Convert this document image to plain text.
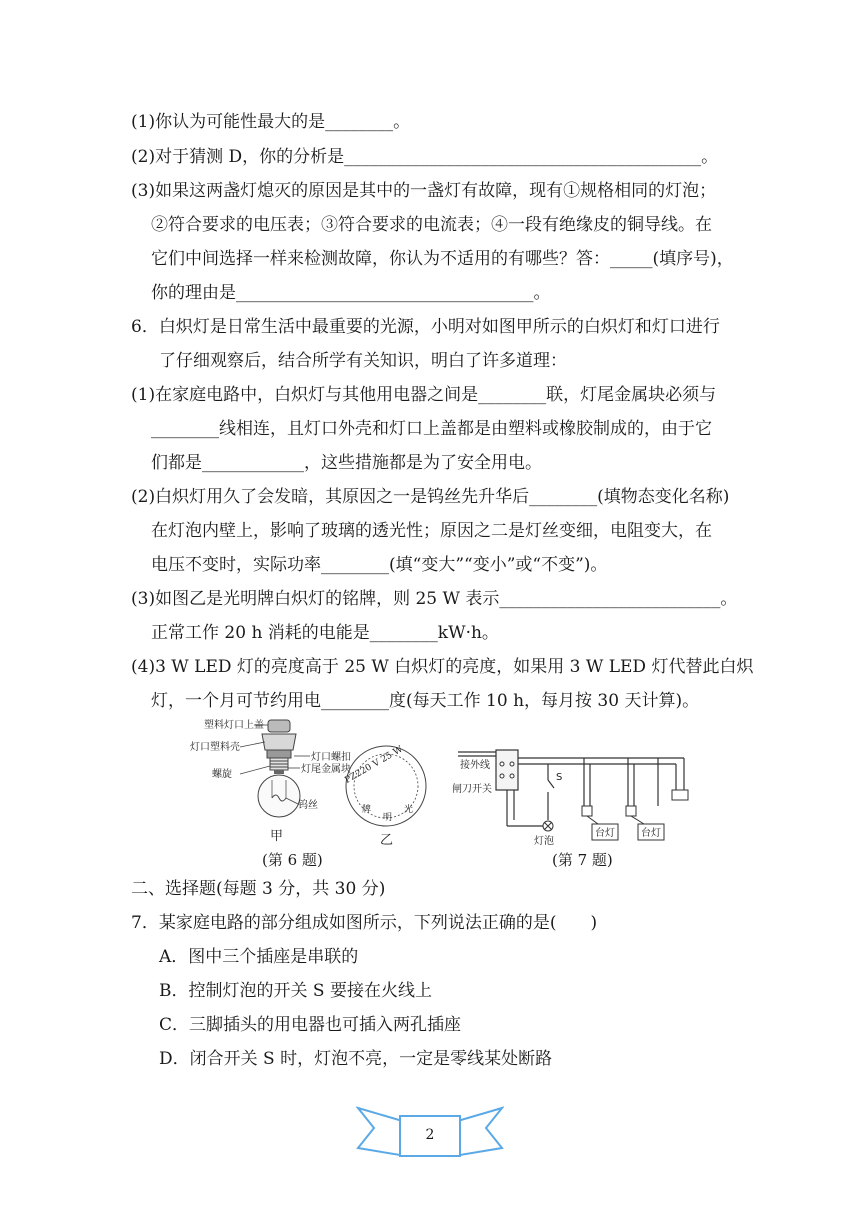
(1)你认为可能性最大的是________。
(2)对于猜测 D，你的分析是__________________________________________。
(3)如果这两盏灯熄灭的原因是其中的一盏灯有故障，现有①规格相同的灯泡；
②符合要求的电压表；③符合要求的电流表；④一段有绝缘皮的铜导线。在
它们中间选择一样来检测故障，你认为不适用的有哪些？答：_____(填序号)，
你的理由是___________________________________。
6．白炽灯是日常生活中最重要的光源，小明对如图甲所示的白炽灯和灯口进行
了仔细观察后，结合所学有关知识，明白了许多道理：
(1)在家庭电路中，白炽灯与其他用电器之间是________联，灯尾金属块必须与
________线相连，且灯口外壳和灯口上盖都是由塑料或橡胶制成的，由于它
们都是____________，这些措施都是为了安全用电。
(2)白炽灯用久了会发暗，其原因之一是钨丝先升华后________(填物态变化名称)
在灯泡内壁上，影响了玻璃的透光性；原因之二是灯丝变细，电阻变大，在
电压不变时，实际功率________(填“变大”“变小”或“不变”)。
(3)如图乙是光明牌白炽灯的铭牌，则 25 W 表示__________________________。
正常工作 20 h 消耗的电能是________kW·h。
(4)3 W LED 灯的亮度高于 25 W 白炽灯的亮度，如果用 3 W LED 灯代替此白炽
灯，一个月可节约用电________度(每天工作 10 h，每月按 30 天计算)。
塑料灯口上盖
灯口塑料壳
灯口螺扣
灯尾金属块
螺旋
钨丝
甲
PZ220 V 25 W
光
明
牌
乙
(第 6 题)
接外线
闸刀开关
S
灯泡
台灯	台灯
(第 7 题)
二、选择题(每题 3 分，共 30 分)
7．某家庭电路的部分组成如图所示，下列说法正确的是(　　)
A．图中三个插座是串联的
B．控制灯泡的开关 S 要接在火线上
C．三脚插头的用电器也可插入两孔插座
D．闭合开关 S 时，灯泡不亮，一定是零线某处断路
2
